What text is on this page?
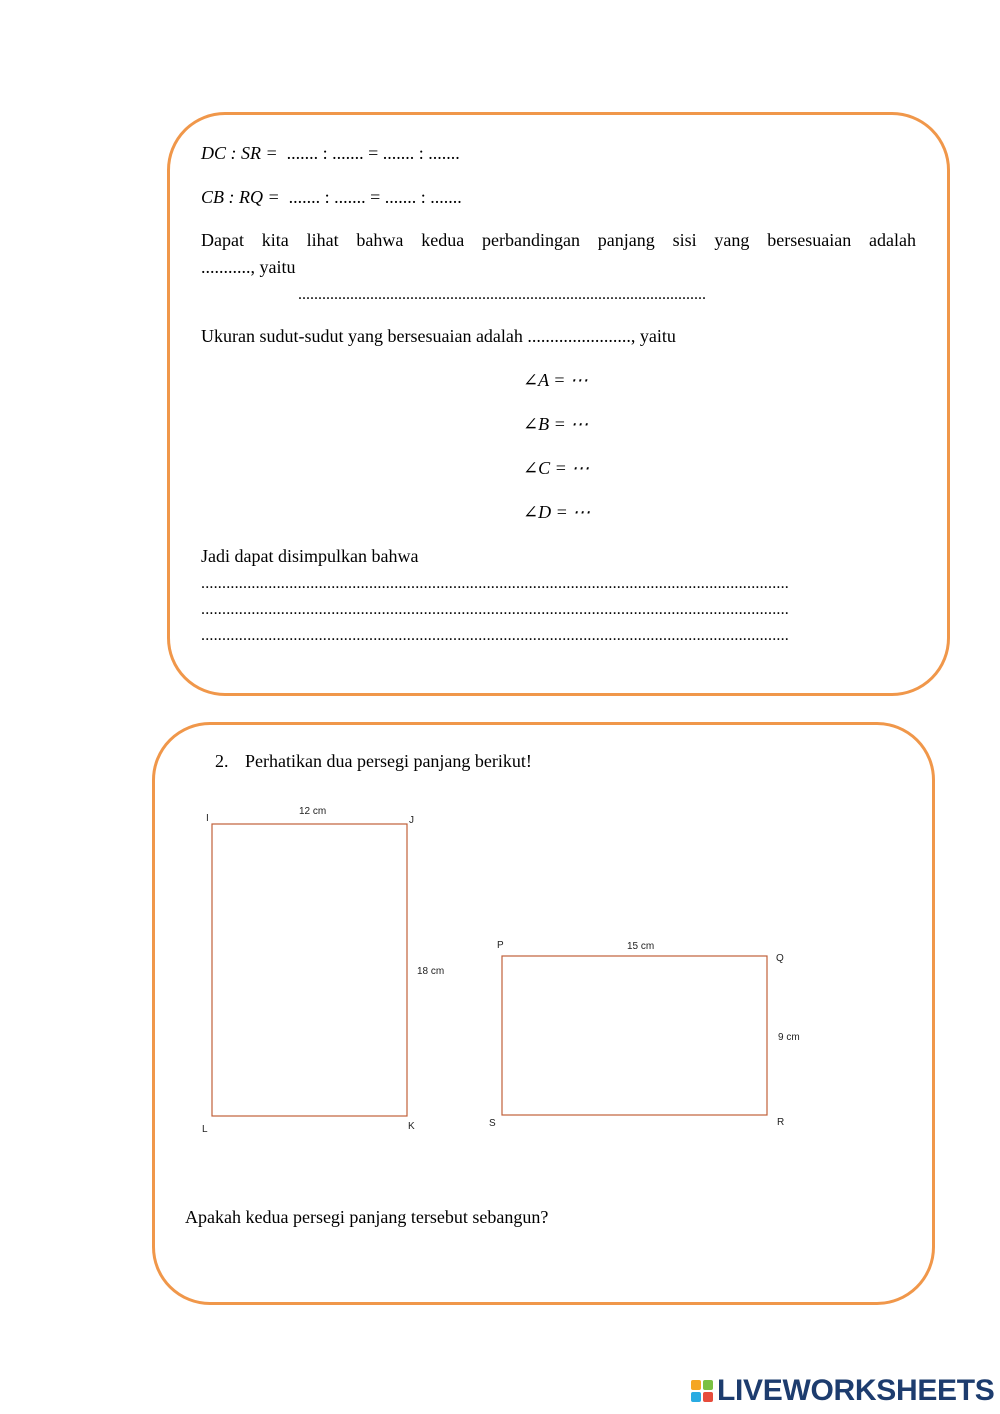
DC : SR = ....... : ....... = ....... : .......
CB : RQ = ....... : ....... = ....... : .......
Dapat kita lihat bahwa kedua perbandingan panjang sisi yang bersesuaian adalah
..........., yaitu
......................................................................................................
Ukuran sudut-sudut yang bersesuaian adalah ......................., yaitu
∠A = ⋯
∠B = ⋯
∠C = ⋯
∠D = ⋯
Jadi dapat disimpulkan bahwa
............................................................................................................................................
............................................................................................................................................
............................................................................................................................................
2. Perhatikan dua persegi panjang berikut!
I	J
K
L
12 cm
18 cm
P
Q
R
S
15 cm
9 cm
Apakah kedua persegi panjang tersebut sebangun?
LIVEWORKSHEETS
